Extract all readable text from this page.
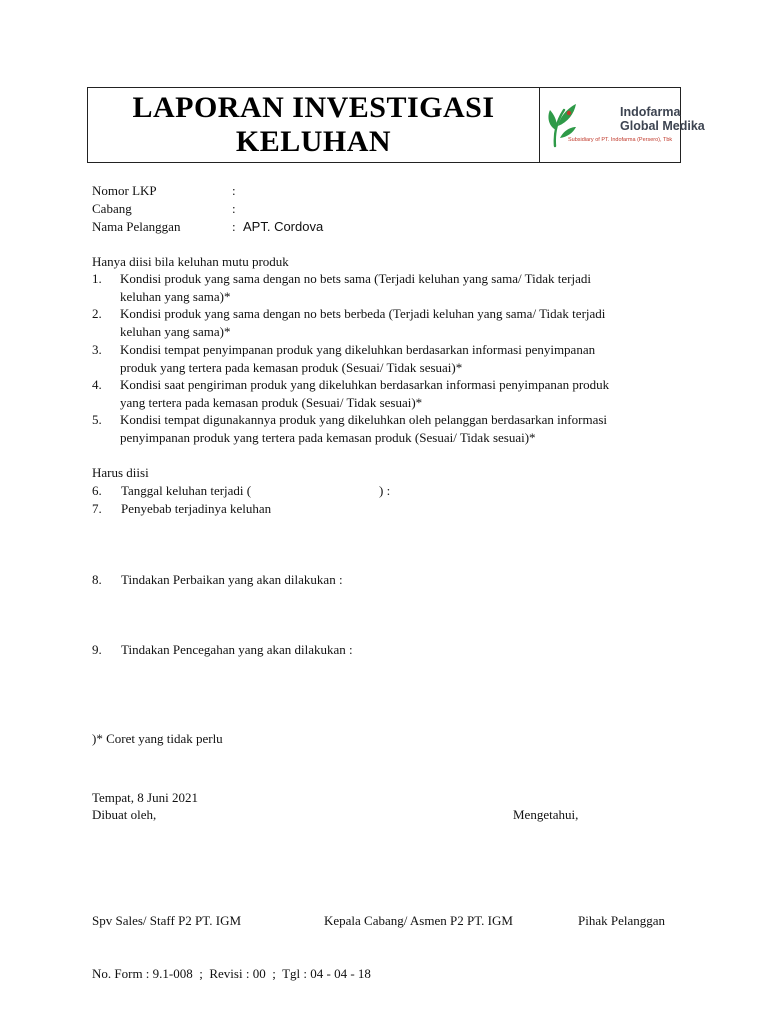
LAPORAN INVESTIGASI
KELUHAN
Indofarma
Global Medika
Subsidiary of PT. Indofarma (Persero), Tbk
Nomor LKP	:
Cabang	:
Nama Pelanggan	: APT. Cordova
Hanya diisi bila keluhan mutu produk
1. Kondisi produk yang sama dengan no bets sama (Terjadi keluhan yang sama/ Tidak terjadi
keluhan yang sama)*
2. Kondisi produk yang sama dengan no bets berbeda (Terjadi keluhan yang sama/ Tidak terjadi
keluhan yang sama)*
3. Kondisi tempat penyimpanan produk yang dikeluhkan berdasarkan informasi penyimpanan
produk yang tertera pada kemasan produk (Sesuai/ Tidak sesuai)*
4. Kondisi saat pengiriman produk yang dikeluhkan berdasarkan informasi penyimpanan produk
yang tertera pada kemasan produk (Sesuai/ Tidak sesuai)*
5. Kondisi tempat digunakannya produk yang dikeluhkan oleh pelanggan berdasarkan informasi
penyimpanan produk yang tertera pada kemasan produk (Sesuai/ Tidak sesuai)*
Harus diisi
6. Tanggal keluhan terjadi (	) :
7. Penyebab terjadinya keluhan
8. Tindakan Perbaikan yang akan dilakukan :
9. Tindakan Pencegahan yang akan dilakukan :
)* Coret yang tidak perlu
Tempat, 8 Juni 2021
Dibuat oleh,	Mengetahui,
Spv Sales/ Staff P2 PT. IGM	Kepala Cabang/ Asmen P2 PT. IGM	Pihak Pelanggan
No. Form : 9.1-008  ;  Revisi : 00  ;  Tgl : 04 - 04 - 18
